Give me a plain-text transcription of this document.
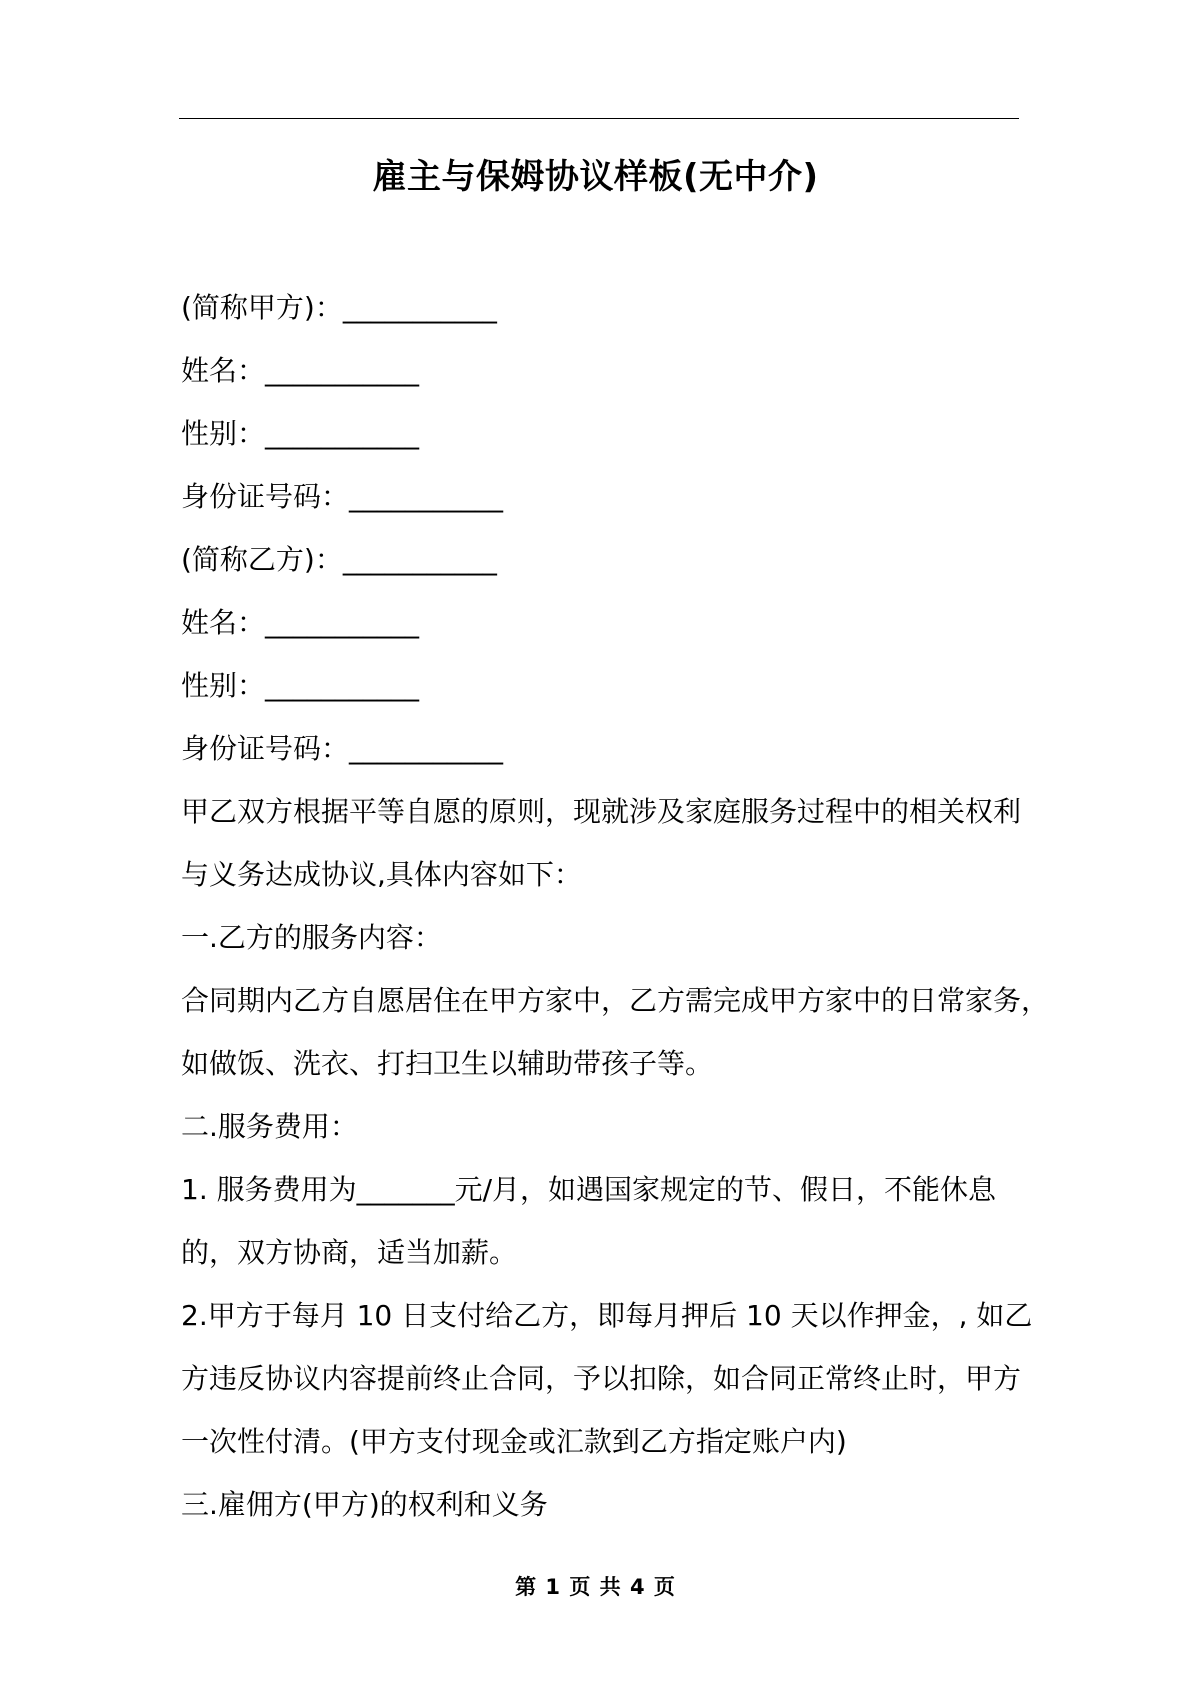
雇主与保姆协议样板(无中介)
(简称甲方)：___________
姓名：___________
性别：___________
身份证号码：___________
(简称乙方)：___________
姓名：___________
性别：___________
身份证号码：___________
甲乙双方根据平等自愿的原则，现就涉及家庭服务过程中的相关权利
与义务达成协议,具体内容如下：
一.乙方的服务内容：
合同期内乙方自愿居住在甲方家中，乙方需完成甲方家中的日常家务，
如做饭、洗衣、打扫卫生以辅助带孩子等。
二.服务费用：
1. 服务费用为_______元/月，如遇国家规定的节、假日，不能休息
的，双方协商，适当加薪。
2.甲方于每月 10 日支付给乙方，即每月押后 10 天以作押金，, 如乙
方违反协议内容提前终止合同，予以扣除，如合同正常终止时，甲方
一次性付清。(甲方支付现金或汇款到乙方指定账户内)
三.雇佣方(甲方)的权利和义务
第 1 页 共 4 页
